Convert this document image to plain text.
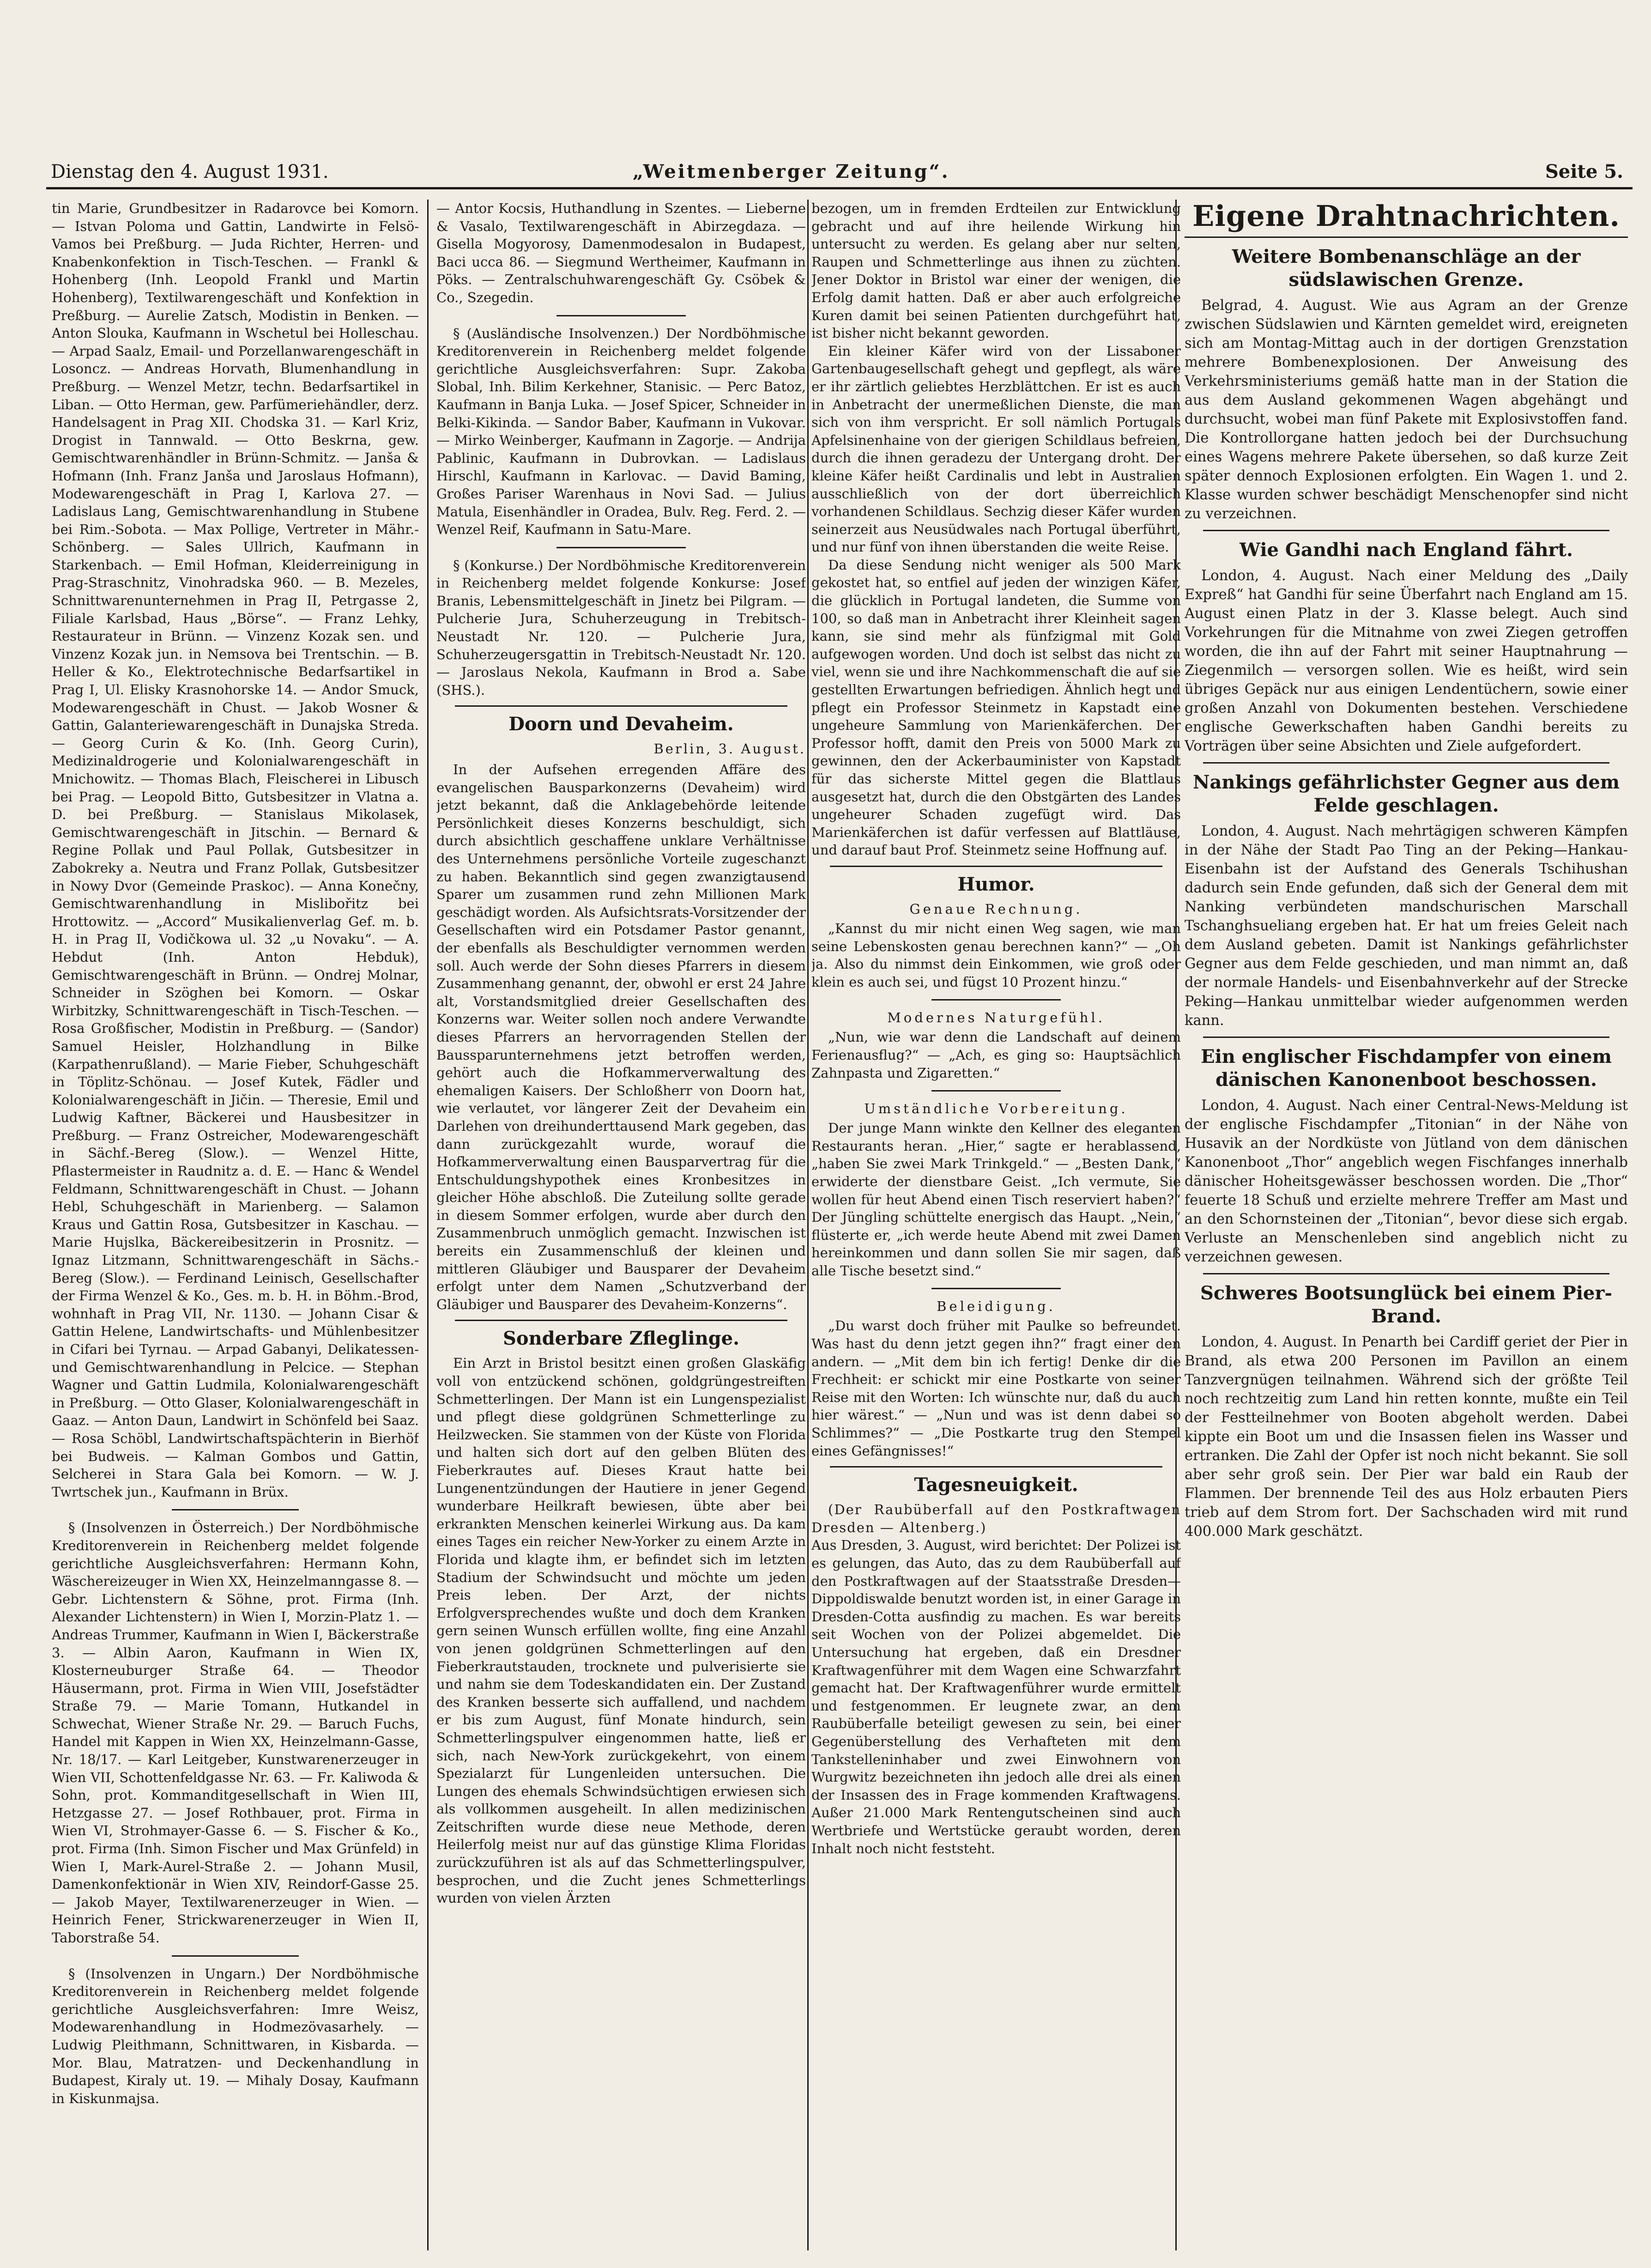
Dienstag den 4. August 1931.	„Weitmenberger Zeitung“.	Seite 5.

tin Marie, Grundbesitzer in Radarovce bei Komorn. — Istvan Poloma und Gattin, Landwirte in Felsö-Vamos bei Preßburg. — Juda Richter, Herren- und Knabenkonfektion in Tisch-Teschen. — Frankl & Hohenberg (Inh. Leopold Frankl und Martin Hohenberg), Textilwarengeschäft und Konfektion in Preßburg. — Aurelie Zatsch, Modistin in Benken. — Anton Slouka, Kaufmann in Wschetul bei Holleschau. — Arpad Saalz, Email- und Porzellanwarengeschäft in Losoncz. — Andreas Horvath, Blumenhandlung in Preßburg. — Wenzel Metzr, techn. Bedarfsartikel in Liban. — Otto Herman, gew. Parfümeriehändler, derz. Handelsagent in Prag XII. Chodska 31. — Karl Kriz, Drogist in Tannwald. — Otto Beskrna, gew. Gemischtwarenhändler in Brünn-Schmitz. — Janša & Hofmann (Inh. Franz Janša und Jaroslaus Hofmann), Modewarengeschäft in Prag I, Karlova 27. — Ladislaus Lang, Gemischtwarenhandlung in Stubene bei Rim.-Sobota. — Max Pollige, Vertreter in Mähr.-Schönberg. — Sales Ullrich, Kaufmann in Starkenbach. — Emil Hofman, Kleiderreinigung in Prag-Straschnitz, Vinohradska 960. — B. Mezeles, Schnittwarenunternehmen in Prag II, Petrgasse 2, Filiale Karlsbad, Haus „Börse“. — Franz Lehky, Restaurateur in Brünn. — Vinzenz Kozak sen. und Vinzenz Kozak jun. in Nemsova bei Trentschin. — B. Heller & Ko., Elektrotechnische Bedarfsartikel in Prag I, Ul. Elisky Krasnohorske 14. — Andor Smuck, Modewarengeschäft in Chust. — Jakob Wosner & Gattin, Galanteriewarengeschäft in Dunajska Streda. — Georg Curin & Ko. (Inh. Georg Curin), Medizinaldrogerie und Kolonialwarengeschäft in Mnichowitz. — Thomas Blach, Fleischerei in Libusch bei Prag. — Leopold Bitto, Gutsbesitzer in Vlatna a. D. bei Preßburg. — Stanislaus Mikolasek, Gemischtwarengeschäft in Jitschin. — Bernard & Regine Pollak und Paul Pollak, Gutsbesitzer in Zabokreky a. Neutra und Franz Pollak, Gutsbesitzer in Nowy Dvor (Gemeinde Praskoc). — Anna Konečny, Gemischtwarenhandlung in Mislibořitz bei Hrottowitz. — „Accord“ Musikalienverlag Gef. m. b. H. in Prag II, Vodičkowa ul. 32 „u Novaku“. — A. Hebdut (Inh. Anton Hebduk), Gemischtwarengeschäft in Brünn. — Ondrej Molnar, Schneider in Szöghen bei Komorn. — Oskar Wirbitzky, Schnittwarengeschäft in Tisch-Teschen. — Rosa Großfischer, Modistin in Preßburg. — (Sandor) Samuel Heisler, Holzhandlung in Bilke (Karpathenrußland). — Marie Fieber, Schuhgeschäft in Töplitz-Schönau. — Josef Kutek, Fädler und Kolonialwarengeschäft in Jičin. — Theresie, Emil und Ludwig Kaftner, Bäckerei und Hausbesitzer in Preßburg. — Franz Ostreicher, Modewarengeschäft in Sächf.-Bereg (Slow.). — Wenzel Hitte, Pflastermeister in Raudnitz a. d. E. — Hanc & Wendel Feldmann, Schnittwarengeschäft in Chust. — Johann Hebl, Schuhgeschäft in Marienberg. — Salamon Kraus und Gattin Rosa, Gutsbesitzer in Kaschau. — Marie Hujslka, Bäckereibesitzerin in Prosnitz. — Ignaz Litzmann, Schnittwarengeschäft in Sächs.-Bereg (Slow.). — Ferdinand Leinisch, Gesellschafter der Firma Wenzel & Ko., Ges. m. b. H. in Böhm.-Brod, wohnhaft in Prag VII, Nr. 1130. — Johann Cisar & Gattin Helene, Landwirtschafts- und Mühlenbesitzer in Cifari bei Tyrnau. — Arpad Gabanyi, Delikatessen- und Gemischtwarenhandlung in Pelcice. — Stephan Wagner und Gattin Ludmila, Kolonialwarengeschäft in Preßburg. — Otto Glaser, Kolonialwarengeschäft in Gaaz. — Anton Daun, Landwirt in Schönfeld bei Saaz. — Rosa Schöbl, Landwirtschaftspächterin in Bierhöf bei Budweis. — Kalman Gombos und Gattin, Selcherei in Stara Gala bei Komorn. — W. J. Twrtschek jun., Kaufmann in Brüx.

§ (Insolvenzen in Österreich.) Der Nordböhmische Kreditorenverein in Reichenberg meldet folgende gerichtliche Ausgleichsverfahren: Hermann Kohn, Wäschereizeuger in Wien XX, Heinzelmanngasse 8. — Gebr. Lichtenstern & Söhne, prot. Firma (Inh. Alexander Lichtenstern) in Wien I, Morzin-Platz 1. — Andreas Trummer, Kaufmann in Wien I, Bäckerstraße 3. — Albin Aaron, Kaufmann in Wien IX, Klosterneuburger Straße 64. — Theodor Häusermann, prot. Firma in Wien VIII, Josefstädter Straße 79. — Marie Tomann, Hutkandel in Schwechat, Wiener Straße Nr. 29. — Baruch Fuchs, Handel mit Kappen in Wien XX, Heinzelmann-Gasse, Nr. 18/17. — Karl Leitgeber, Kunstwarenerzeuger in Wien VII, Schottenfeldgasse Nr. 63. — Fr. Kaliwoda & Sohn, prot. Kommanditgesellschaft in Wien III, Hetzgasse 27. — Josef Rothbauer, prot. Firma in Wien VI, Strohmayer-Gasse 6. — S. Fischer & Ko., prot. Firma (Inh. Simon Fischer und Max Grünfeld) in Wien I, Mark-Aurel-Straße 2. — Johann Musil, Damenkonfektionär in Wien XIV, Reindorf-Gasse 25. — Jakob Mayer, Textilwarenerzeuger in Wien. — Heinrich Fener, Strickwarenerzeuger in Wien II, Taborstraße 54.

§ (Insolvenzen in Ungarn.) Der Nordböhmische Kreditorenverein in Reichenberg meldet folgende gerichtliche Ausgleichsverfahren: Imre Weisz, Modewarenhandlung in Hodmezövasarhely. — Ludwig Pleithmann, Schnittwaren, in Kisbarda. — Mor. Blau, Matratzen- und Deckenhandlung in Budapest, Kiraly ut. 19. — Mihaly Dosay, Kaufmann in Kiskunmajsa.

— Antor Kocsis, Huthandlung in Szentes. — Lieberne & Vasalo, Textilwarengeschäft in Abirzegdaza. — Gisella Mogyorosy, Damenmodesalon in Budapest, Baci ucca 86. — Siegmund Wertheimer, Kaufmann in Pöks. — Zentralschuhwarengeschäft Gy. Csöbek & Co., Szegedin.

§ (Ausländische Insolvenzen.) Der Nordböhmische Kreditorenverein in Reichenberg meldet folgende gerichtliche Ausgleichsverfahren: Supr. Zakoba Slobal, Inh. Bilim Kerkehner, Stanisic. — Perc Batoz, Kaufmann in Banja Luka. — Josef Spicer, Schneider in Belki-Kikinda. — Sandor Baber, Kaufmann in Vukovar. — Mirko Weinberger, Kaufmann in Zagorje. — Andrija Pablinic, Kaufmann in Dubrovkan. — Ladislaus Hirschl, Kaufmann in Karlovac. — David Baming, Großes Pariser Warenhaus in Novi Sad. — Julius Matula, Eisenhändler in Oradea, Bulv. Reg. Ferd. 2. — Wenzel Reif, Kaufmann in Satu-Mare.

§ (Konkurse.) Der Nordböhmische Kreditorenverein in Reichenberg meldet folgende Konkurse: Josef Branis, Lebensmittelgeschäft in Jinetz bei Pilgram. — Pulcherie Jura, Schuherzeugung in Trebitsch-Neustadt Nr. 120. — Pulcherie Jura, Schuherzeugersgattin in Trebitsch-Neustadt Nr. 120. — Jaroslaus Nekola, Kaufmann in Brod a. Sabe (SHS.).

Doorn und Devaheim.
Berlin, 3. August.

In der Aufsehen erregenden Affäre des evangelischen Bausparkonzerns (Devaheim) wird jetzt bekannt, daß die Anklagebehörde leitende Persönlichkeit dieses Konzerns beschuldigt, sich durch absichtlich geschaffene unklare Verhältnisse des Unternehmens persönliche Vorteile zugeschanzt zu haben. Bekanntlich sind gegen zwanzigtausend Sparer um zusammen rund zehn Millionen Mark geschädigt worden. Als Aufsichtsrats-Vorsitzender der Gesellschaften wird ein Potsdamer Pastor genannt, der ebenfalls als Beschuldigter vernommen werden soll. Auch werde der Sohn dieses Pfarrers in diesem Zusammenhang genannt, der, obwohl er erst 24 Jahre alt, Vorstandsmitglied dreier Gesellschaften des Konzerns war. Weiter sollen noch andere Verwandte dieses Pfarrers an hervorragenden Stellen der Baussparunternehmens jetzt betroffen werden, gehört auch die Hofkammerverwaltung des ehemaligen Kaisers. Der Schloßherr von Doorn hat, wie verlautet, vor längerer Zeit der Devaheim ein Darlehen von dreihunderttausend Mark gegeben, das dann zurückgezahlt wurde, worauf die Hofkammerverwaltung einen Bausparvertrag für die Entschuldungshypothek eines Kronbesitzes in gleicher Höhe abschloß. Die Zuteilung sollte gerade in diesem Sommer erfolgen, wurde aber durch den Zusammenbruch unmöglich gemacht. Inzwischen ist bereits ein Zusammenschluß der kleinen und mittleren Gläubiger und Bausparer der Devaheim erfolgt unter dem Namen „Schutzverband der Gläubiger und Bausparer des Devaheim-Konzerns“.

Sonderbare Zfleglinge.

Ein Arzt in Bristol besitzt einen großen Glaskäfig voll von entzückend schönen, goldgrüngestreiften Schmetterlingen. Der Mann ist ein Lungenspezialist und pflegt diese goldgrünen Schmetterlinge zu Heilzwecken. Sie stammen von der Küste von Florida und halten sich dort auf den gelben Blüten des Fieberkrautes auf. Dieses Kraut hatte bei Lungenentzündungen der Hautiere in jener Gegend wunderbare Heilkraft bewiesen, übte aber bei erkrankten Menschen keinerlei Wirkung aus. Da kam eines Tages ein reicher New-Yorker zu einem Arzte in Florida und klagte ihm, er befindet sich im letzten Stadium der Schwindsucht und möchte um jeden Preis leben. Der Arzt, der nichts Erfolgversprechendes wußte und doch dem Kranken gern seinen Wunsch erfüllen wollte, fing eine Anzahl von jenen goldgrünen Schmetterlingen auf den Fieberkrautstauden, trocknete und pulverisierte sie und nahm sie dem Todeskandidaten ein. Der Zustand des Kranken besserte sich auffallend, und nachdem er bis zum August, fünf Monate hindurch, sein Schmetterlingspulver eingenommen hatte, ließ er sich, nach New-York zurückgekehrt, von einem Spezialarzt für Lungenleiden untersuchen. Die Lungen des ehemals Schwindsüchtigen erwiesen sich als vollkommen ausgeheilt. In allen medizinischen Zeitschriften wurde diese neue Methode, deren Heilerfolg meist nur auf das günstige Klima Floridas zurückzuführen ist als auf das Schmetterlingspulver, besprochen, und die Zucht jenes Schmetterlings wurden von vielen Ärzten

bezogen, um in fremden Erdteilen zur Entwicklung gebracht und auf ihre heilende Wirkung hin untersucht zu werden. Es gelang aber nur selten, Raupen und Schmetterlinge aus ihnen zu züchten. Jener Doktor in Bristol war einer der wenigen, die Erfolg damit hatten. Daß er aber auch erfolgreiche Kuren damit bei seinen Patienten durchgeführt hat, ist bisher nicht bekannt geworden.

Ein kleiner Käfer wird von der Lissaboner Gartenbaugesellschaft gehegt und gepflegt, als wäre er ihr zärtlich geliebtes Herzblättchen. Er ist es auch in Anbetracht der unermeßlichen Dienste, die man sich von ihm verspricht. Er soll nämlich Portugals Apfelsinenhaine von der gierigen Schildlaus befreien, durch die ihnen geradezu der Untergang droht. Der kleine Käfer heißt Cardinalis und lebt in Australien ausschließlich von der dort überreichlich vorhandenen Schildlaus. Sechzig dieser Käfer wurden seinerzeit aus Neusüdwales nach Portugal überführt, und nur fünf von ihnen überstanden die weite Reise.

Da diese Sendung nicht weniger als 500 Mark gekostet hat, so entfiel auf jeden der winzigen Käfer, die glücklich in Portugal landeten, die Summe von 100, so daß man in Anbetracht ihrer Kleinheit sagen kann, sie sind mehr als fünfzigmal mit Gold aufgewogen worden. Und doch ist selbst das nicht zu viel, wenn sie und ihre Nachkommenschaft die auf sie gestellten Erwartungen befriedigen. Ähnlich hegt und pflegt ein Professor Steinmetz in Kapstadt eine ungeheure Sammlung von Marienkäferchen. Der Professor hofft, damit den Preis von 5000 Mark zu gewinnen, den der Ackerbauminister von Kapstadt für das sicherste Mittel gegen die Blattlaus ausgesetzt hat, durch die den Obstgärten des Landes ungeheurer Schaden zugefügt wird. Das Marienkäferchen ist dafür verfessen auf Blattläuse, und darauf baut Prof. Steinmetz seine Hoffnung auf.

Humor.
Genaue Rechnung.

„Kannst du mir nicht einen Weg sagen, wie man seine Lebenskosten genau berechnen kann?“ — „Oh ja. Also du nimmst dein Einkommen, wie groß oder klein es auch sei, und fügst 10 Prozent hinzu.“

Modernes Naturgefühl.

„Nun, wie war denn die Landschaft auf deinem Ferienausflug?“ — „Ach, es ging so: Hauptsächlich Zahnpasta und Zigaretten.“

Umständliche Vorbereitung.

Der junge Mann winkte den Kellner des eleganten Restaurants heran. „Hier,“ sagte er herablassend, „haben Sie zwei Mark Trinkgeld.“ — „Besten Dank,“ erwiderte der dienstbare Geist. „Ich vermute, Sie wollen für heut Abend einen Tisch reserviert haben?“ Der Jüngling schüttelte energisch das Haupt. „Nein,“ flüsterte er, „ich werde heute Abend mit zwei Damen hereinkommen und dann sollen Sie mir sagen, daß alle Tische besetzt sind.“

Beleidigung.

„Du warst doch früher mit Paulke so befreundet. Was hast du denn jetzt gegen ihn?“ fragt einer den andern. — „Mit dem bin ich fertig! Denke dir die Frechheit: er schickt mir eine Postkarte von seiner Reise mit den Worten: Ich wünschte nur, daß du auch hier wärest.“ — „Nun und was ist denn dabei so Schlimmes?“ — „Die Postkarte trug den Stempel eines Gefängnisses!“

Tagesneuigkeit.

(Der Raubüberfall auf den Postkraftwagen Dresden — Altenberg.)

Aus Dresden, 3. August, wird berichtet: Der Polizei ist es gelungen, das Auto, das zu dem Raubüberfall auf den Postkraftwagen auf der Staatsstraße Dresden—Dippoldiswalde benutzt worden ist, in einer Garage in Dresden-Cotta ausfindig zu machen. Es war bereits seit Wochen von der Polizei abgemeldet. Die Untersuchung hat ergeben, daß ein Dresdner Kraftwagenführer mit dem Wagen eine Schwarzfahrt gemacht hat. Der Kraftwagenführer wurde ermittelt und festgenommen. Er leugnete zwar, an dem Raubüberfalle beteiligt gewesen zu sein, bei einer Gegenüberstellung des Verhafteten mit dem Tankstelleninhaber und zwei Einwohnern von Wurgwitz bezeichneten ihn jedoch alle drei als einen der Insassen des in Frage kommenden Kraftwagens. Außer 21.000 Mark Rentengutscheinen sind auch Wertbriefe und Wertstücke geraubt worden, deren Inhalt noch nicht feststeht.

Eigene Drahtnachrichten.
Weitere Bombenanschläge an der südslawischen Grenze.

Belgrad, 4. August. Wie aus Agram an der Grenze zwischen Südslawien und Kärnten gemeldet wird, ereigneten sich am Montag-Mittag auch in der dortigen Grenzstation mehrere Bombenexplosionen. Der Anweisung des Verkehrsministeriums gemäß hatte man in der Station die aus dem Ausland gekommenen Wagen abgehängt und durchsucht, wobei man fünf Pakete mit Explosivstoffen fand. Die Kontrollorgane hatten jedoch bei der Durchsuchung eines Wagens mehrere Pakete übersehen, so daß kurze Zeit später dennoch Explosionen erfolgten. Ein Wagen 1. und 2. Klasse wurden schwer beschädigt Menschenopfer sind nicht zu verzeichnen.

Wie Gandhi nach England fährt.

London, 4. August. Nach einer Meldung des „Daily Expreß“ hat Gandhi für seine Überfahrt nach England am 15. August einen Platz in der 3. Klasse belegt. Auch sind Vorkehrungen für die Mitnahme von zwei Ziegen getroffen worden, die ihn auf der Fahrt mit seiner Hauptnahrung — Ziegenmilch — versorgen sollen. Wie es heißt, wird sein übriges Gepäck nur aus einigen Lendentüchern, sowie einer großen Anzahl von Dokumenten bestehen. Verschiedene englische Gewerkschaften haben Gandhi bereits zu Vorträgen über seine Absichten und Ziele aufgefordert.

Nankings gefährlichster Gegner aus dem Felde geschlagen.

London, 4. August. Nach mehrtägigen schweren Kämpfen in der Nähe der Stadt Pao Ting an der Peking—Hankau-Eisenbahn ist der Aufstand des Generals Tschihushan dadurch sein Ende gefunden, daß sich der General dem mit Nanking verbündeten mandschurischen Marschall Tschanghsueliang ergeben hat. Er hat um freies Geleit nach dem Ausland gebeten. Damit ist Nankings gefährlichster Gegner aus dem Felde geschieden, und man nimmt an, daß der normale Handels- und Eisenbahnverkehr auf der Strecke Peking—Hankau unmittelbar wieder aufgenommen werden kann.

Ein englischer Fischdampfer von einem dänischen Kanonenboot beschossen.

London, 4. August. Nach einer Central-News-Meldung ist der englische Fischdampfer „Titonian“ in der Nähe von Husavik an der Nordküste von Jütland von dem dänischen Kanonenboot „Thor“ angeblich wegen Fischfanges innerhalb dänischer Hoheitsgewässer beschossen worden. Die „Thor“ feuerte 18 Schuß und erzielte mehrere Treffer am Mast und an den Schornsteinen der „Titonian“, bevor diese sich ergab. Verluste an Menschenleben sind angeblich nicht zu verzeichnen gewesen.

Schweres Bootsunglück bei einem Pier-Brand.

London, 4. August. In Penarth bei Cardiff geriet der Pier in Brand, als etwa 200 Personen im Pavillon an einem Tanzvergnügen teilnahmen. Während sich der größte Teil noch rechtzeitig zum Land hin retten konnte, mußte ein Teil der Festteilnehmer von Booten abgeholt werden. Dabei kippte ein Boot um und die Insassen fielen ins Wasser und ertranken. Die Zahl der Opfer ist noch nicht bekannt. Sie soll aber sehr groß sein. Der Pier war bald ein Raub der Flammen. Der brennende Teil des aus Holz erbauten Piers trieb auf dem Strom fort. Der Sachschaden wird mit rund 400.000 Mark geschätzt.
